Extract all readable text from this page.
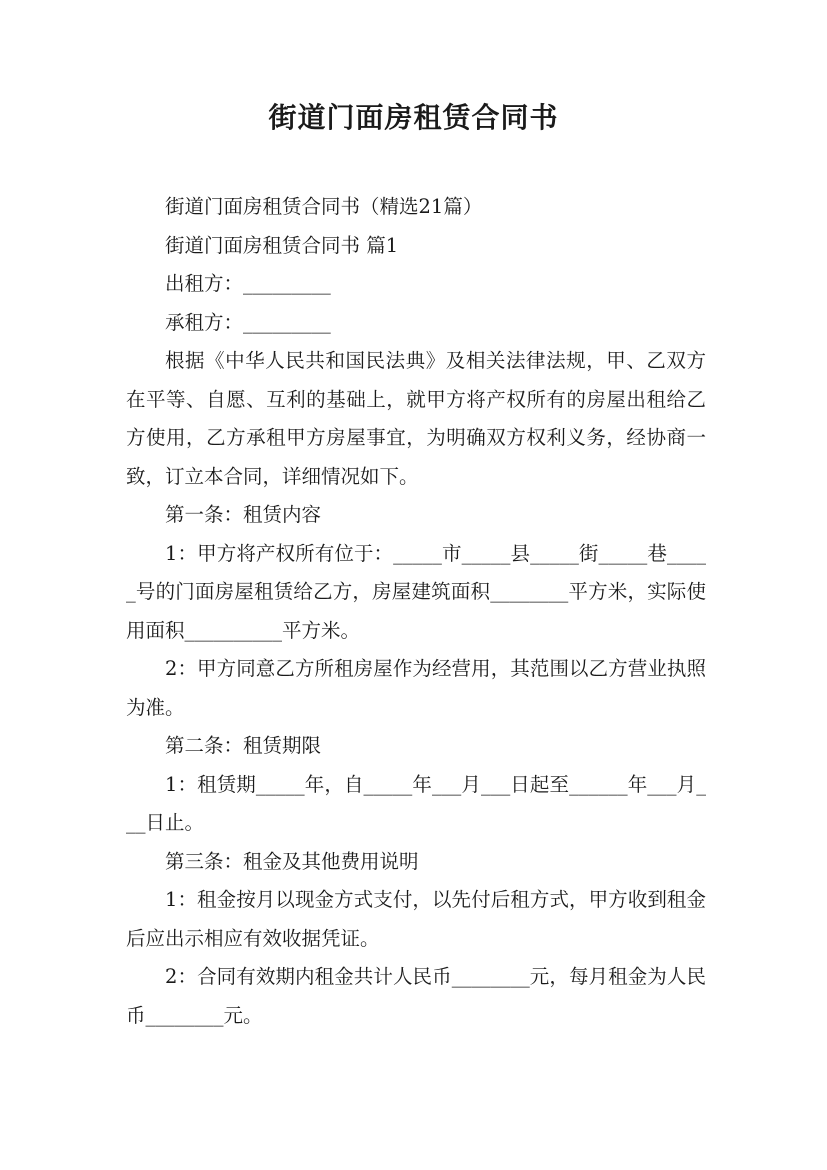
街道门面房租赁合同书

街道门面房租赁合同书（精选21篇）

街道门面房租赁合同书 篇1

出租方：_________

承租方：_________

根据《中华人民共和国民法典》及相关法律法规，甲、乙双方在平等、自愿、互利的基础上，就甲方将产权所有的房屋出租给乙方使用，乙方承租甲方房屋事宜，为明确双方权利义务，经协商一致，订立本合同，详细情况如下。

第一条：租赁内容

1：甲方将产权所有位于：_____市_____县_____街_____巷_____号的门面房屋租赁给乙方，房屋建筑面积________平方米，实际使用面积__________平方米。

2：甲方同意乙方所租房屋作为经营用，其范围以乙方营业执照为准。

第二条：租赁期限

1：租赁期_____年，自_____年___月___日起至______年___月___日止。

第三条：租金及其他费用说明

1：租金按月以现金方式支付，以先付后租方式，甲方收到租金后应出示相应有效收据凭证。

2：合同有效期内租金共计人民币________元，每月租金为人民币________元。
